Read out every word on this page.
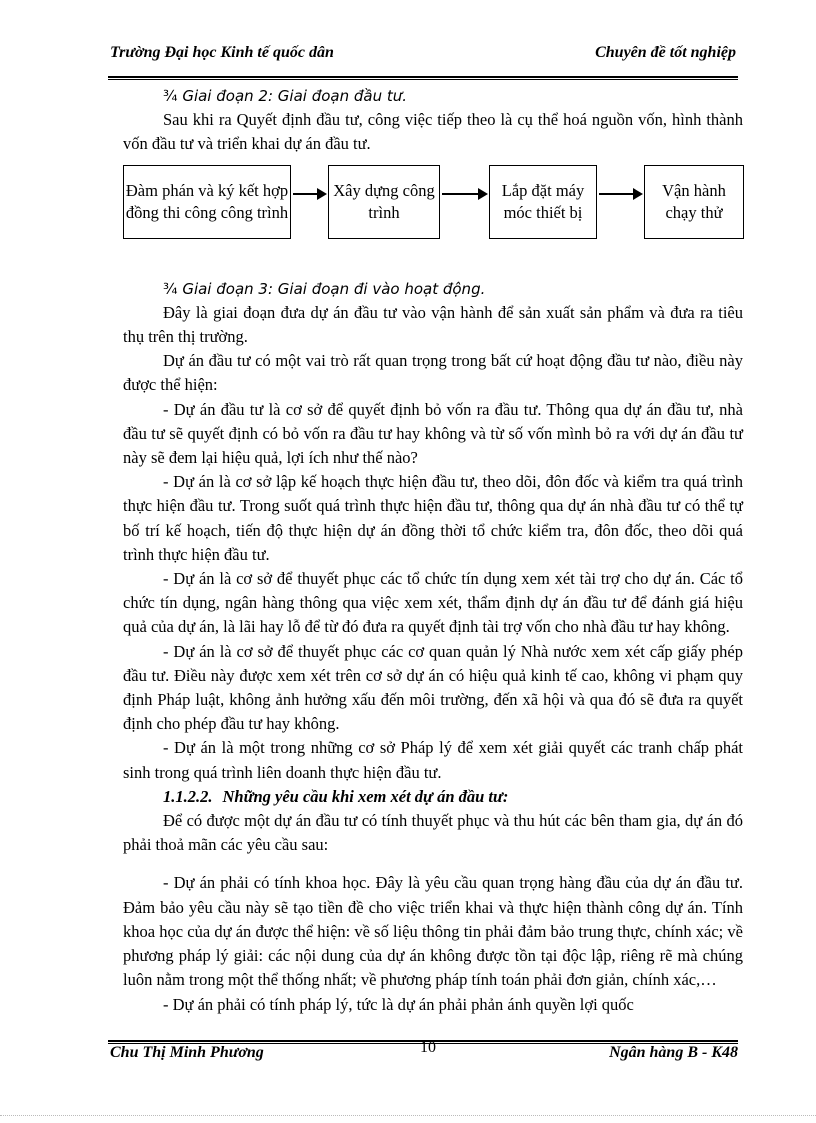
Trường Đại học Kinh tế quốc dân	Chuyên đề tốt nghiệp

¾ Giai đoạn 2: Giai đoạn đầu tư.

Sau khi ra Quyết định đầu tư, công việc tiếp theo là cụ thể hoá nguồn vốn, hình thành vốn đầu tư và triển khai dự án đầu tư.

Đàm phán và ký kết hợp đồng thi công công trình
Xây dựng công trình
Lắp đặt máy móc thiết bị
Vận hành chạy thử

¾ Giai đoạn 3: Giai đoạn đi vào hoạt động.

Đây là giai đoạn đưa dự án đầu tư vào vận hành để sản xuất sản phẩm và đưa ra tiêu thụ trên thị trường.

Dự án đầu tư có một vai trò rất quan trọng trong bất cứ hoạt động đầu tư nào, điều này được thể hiện:

- Dự án đầu tư là cơ sở để quyết định bỏ vốn ra đầu tư. Thông qua dự án đầu tư, nhà đầu tư sẽ quyết định có bỏ vốn ra đầu tư hay không và từ số vốn mình bỏ ra với dự án đầu tư này sẽ đem lại hiệu quả, lợi ích như thế nào?

- Dự án là cơ sở lập kế hoạch thực hiện đầu tư, theo dõi, đôn đốc và kiểm tra quá trình thực hiện đầu tư. Trong suốt quá trình thực hiện đầu tư, thông qua dự án nhà đầu tư có thể tự bố trí kế hoạch, tiến độ thực hiện dự án đồng thời tổ chức kiểm tra, đôn đốc, theo dõi quá trình thực hiện đầu tư.

- Dự án là cơ sở để thuyết phục các tổ chức tín dụng xem xét tài trợ cho dự án. Các tổ chức tín dụng, ngân hàng thông qua việc xem xét, thẩm định dự án đầu tư để đánh giá hiệu quả của dự án, là lãi hay lỗ để từ đó đưa ra quyết định tài trợ vốn cho nhà đầu tư hay không.

- Dự án là cơ sở để thuyết phục các cơ quan quản lý Nhà nước xem xét cấp giấy phép đầu tư. Điều này được xem xét trên cơ sở dự án có hiệu quả kinh tế cao, không vi phạm quy định Pháp luật, không ảnh hưởng xấu đến môi trường, đến xã hội và qua đó sẽ đưa ra quyết định cho phép đầu tư hay không.

- Dự án là một trong những cơ sở Pháp lý để xem xét giải quyết các tranh chấp phát sinh trong quá trình liên doanh thực hiện đầu tư.

1.1.2.2. Những yêu cầu khi xem xét dự án đầu tư:

Để có được một dự án đầu tư có tính thuyết phục và thu hút các bên tham gia, dự án đó phải thoả mãn các yêu cầu sau:

- Dự án phải có tính khoa học. Đây là yêu cầu quan trọng hàng đầu của dự án đầu tư. Đảm bảo yêu cầu này sẽ tạo tiền đề cho việc triển khai và thực hiện thành công dự án. Tính khoa học của dự án được thể hiện: về số liệu thông tin phải đảm bảo trung thực, chính xác; về phương pháp lý giải: các nội dung của dự án không được tồn tại độc lập, riêng rẽ mà chúng luôn nằm trong một thể thống nhất; về phương pháp tính toán phải đơn giản, chính xác,…

- Dự án phải có tính pháp lý, tức là dự án phải phản ánh quyền lợi quốc

Chu Thị Minh Phương	10	Ngân hàng B - K48
